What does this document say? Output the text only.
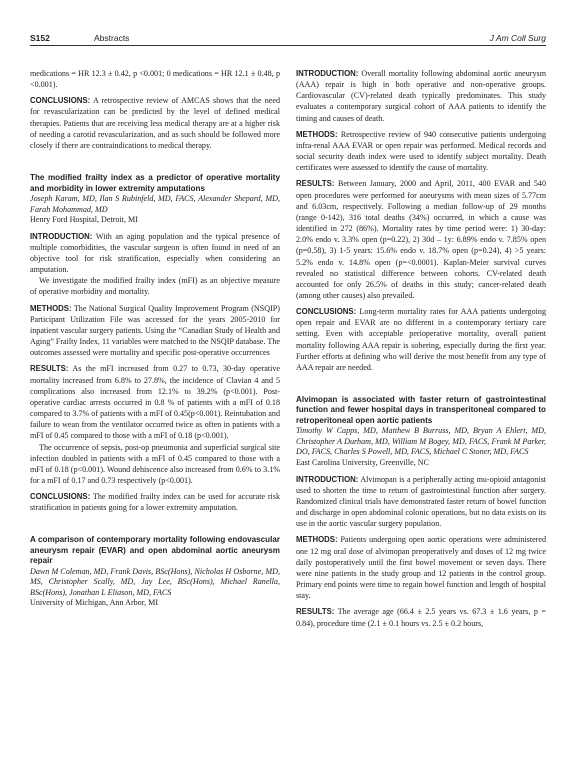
S152	Abstracts	J Am Coll Surg

medications = HR 12.3 ± 0.42, p <0.001; 0 medications = HR 12.1 ± 0.48, p <0.001).

CONCLUSIONS: A retrospective review of AMCAS shows that the need for revascularization can be predicted by the level of defined medical therapies. Patients that are receiving less medical therapy are at a higher risk of needing a carotid revascularization, and as such should be followed more closely if there are contraindications to medical therapy.

The modified frailty index as a predictor of operative mortality and morbidity in lower extremity amputations

Joseph Karam, MD, Ilan S Rubinfeld, MD, FACS, Alexander Shepard, MD, Farah Mohammad, MD

Henry Ford Hospital, Detroit, MI

INTRODUCTION: With an aging population and the typical presence of multiple comorbidities, the vascular surgeon is often found in need of an objective tool for risk stratification, especially when considering an amputation.

We investigate the modified frailty index (mFI) as an objective measure of operative morbidity and mortality.

METHODS: The National Surgical Quality Improvement Program (NSQIP) Participant Utilization File was accessed for the years 2005-2010 for inpatient vascular surgery patients. Using the “Canadian Study of Health and Aging” Frailty Index, 11 variables were matched to the NSQIP database. The outcomes assessed were mortality and specific post-operative occurrences

RESULTS: As the mFI increased from 0.27 to 0.73, 30-day operative mortality increased from 6.8% to 27.8%, the incidence of Clavian 4 and 5 complications also increased from 12.1% to 39.2% (p<0.001). Post-operative cardiac arrests occurred in 0.8 % of patients with a mFI of 0.18 compared to 3.7% of patients with a mFI of 0.45(p<0.001). Reintubation and failure to wean from the ventilator occurred twice as often in patients with a mFI of 0.45 compared to those with a mFI of 0.18 (p<0.001).

The occurrence of sepsis, post-op pneumonia and superficial surgical site infection doubled in patients with a mFI of 0.45 compared to those with a mFI of 0.18 (p<0.001). Wound dehiscence also increased from 0.6% to 3.1% for a mFI of 0.17 and 0.73 respectively (p<0.001).

CONCLUSIONS: The modified frailty index can be used for accurate risk stratification in patients going for a lower extremity amputation.

A comparison of contemporary mortality following endovascular aneurysm repair (EVAR) and open abdominal aortic aneurysm repair

Dawn M Coleman, MD, Frank Davis, BSc(Hons), Nicholas H Osborne, MD, MS, Christopher Scally, MD, Jay Lee, BSc(Hons), Michael Ranella, BSc(Hons), Jonathan L Eliason, MD, FACS

University of Michigan, Ann Arbor, MI

INTRODUCTION: Overall mortality following abdominal aortic aneurysm (AAA) repair is high in both operative and non-operative groups. Cardiovascular (CV)-related death typically predominates. This study evaluates a contemporary surgical cohort of AAA patients to identify the timing and causes of death.

METHODS: Retrospective review of 940 consecutive patients undergoing infra-renal AAA EVAR or open repair was performed. Medical records and social security death index were used to identify subject mortality. Death certificates were assessed to identify the cause of mortality.

RESULTS: Between January, 2000 and April, 2011, 400 EVAR and 540 open procedures were performed for aneurysms with mean sizes of 5.77cm and 6.03cm, respectively. Following a median follow-up of 29 months (range 0-142), 316 total deaths (34%) occurred, in which a cause was identified in 272 (86%). Mortality rates by time period were: 1) 30-day: 2.0% endo v. 3.3% open (p=0.22), 2) 30d – 1y: 6.89% endo v. 7.85% open (p=0.58), 3) 1-5 years: 15.6% endo v. 18.7% open (p=0.24), 4) >5 years: 5.2% endo v. 14.8% open (p=<0.0001). Kaplan-Meier survival curves revealed no statistical difference between cohorts. CV-related death accounted for only 26.5% of deaths in this study; cancer-related death (among other causes) also prevailed.

CONCLUSIONS: Long-term mortality rates for AAA patients undergoing open repair and EVAR are no different in a contemporary tertiary care setting. Even with acceptable perioperative mortality, overall patient mortality following AAA repair is sobering, especially during the first year. Further efforts at defining who will derive the most benefit from any type of AAA repair are needed.

Alvimopan is associated with faster return of gastrointestinal function and fewer hospital days in transperitoneal compared to retroperitoneal open aortic patients

Timothy W Capps, MD, Matthew B Burruss, MD, Bryan A Ehlert, MD, Christopher A Durham, MD, William M Bogey, MD, FACS, Frank M Parker, DO, FACS, Charles S Powell, MD, FACS, Michael C Stoner, MD, FACS

East Carolina University, Greenville, NC

INTRODUCTION: Alvimopan is a peripherally acting mu-opioid antagonist used to shorten the time to return of gastrointestinal function after surgery. Randomized clinical trials have demonstrated faster return of bowel function and discharge in open abdominal colonic operations, but no data exists on its use in the aortic vascular surgery population.

METHODS: Patients undergoing open aortic operations were administered one 12 mg oral dose of alvimopan preoperatively and doses of 12 mg twice daily postoperatively until the first bowel movement or seven days. There were nine patients in the study group and 12 patients in the control group. Primary end points were time to regain bowel function and length of hospital stay.

RESULTS: The average age (66.4 ± 2.5 years vs. 67.3 ± 1.6 years, p = 0.84), procedure time (2.1 ± 0.1 hours vs. 2.5 ± 0.2 hours,
